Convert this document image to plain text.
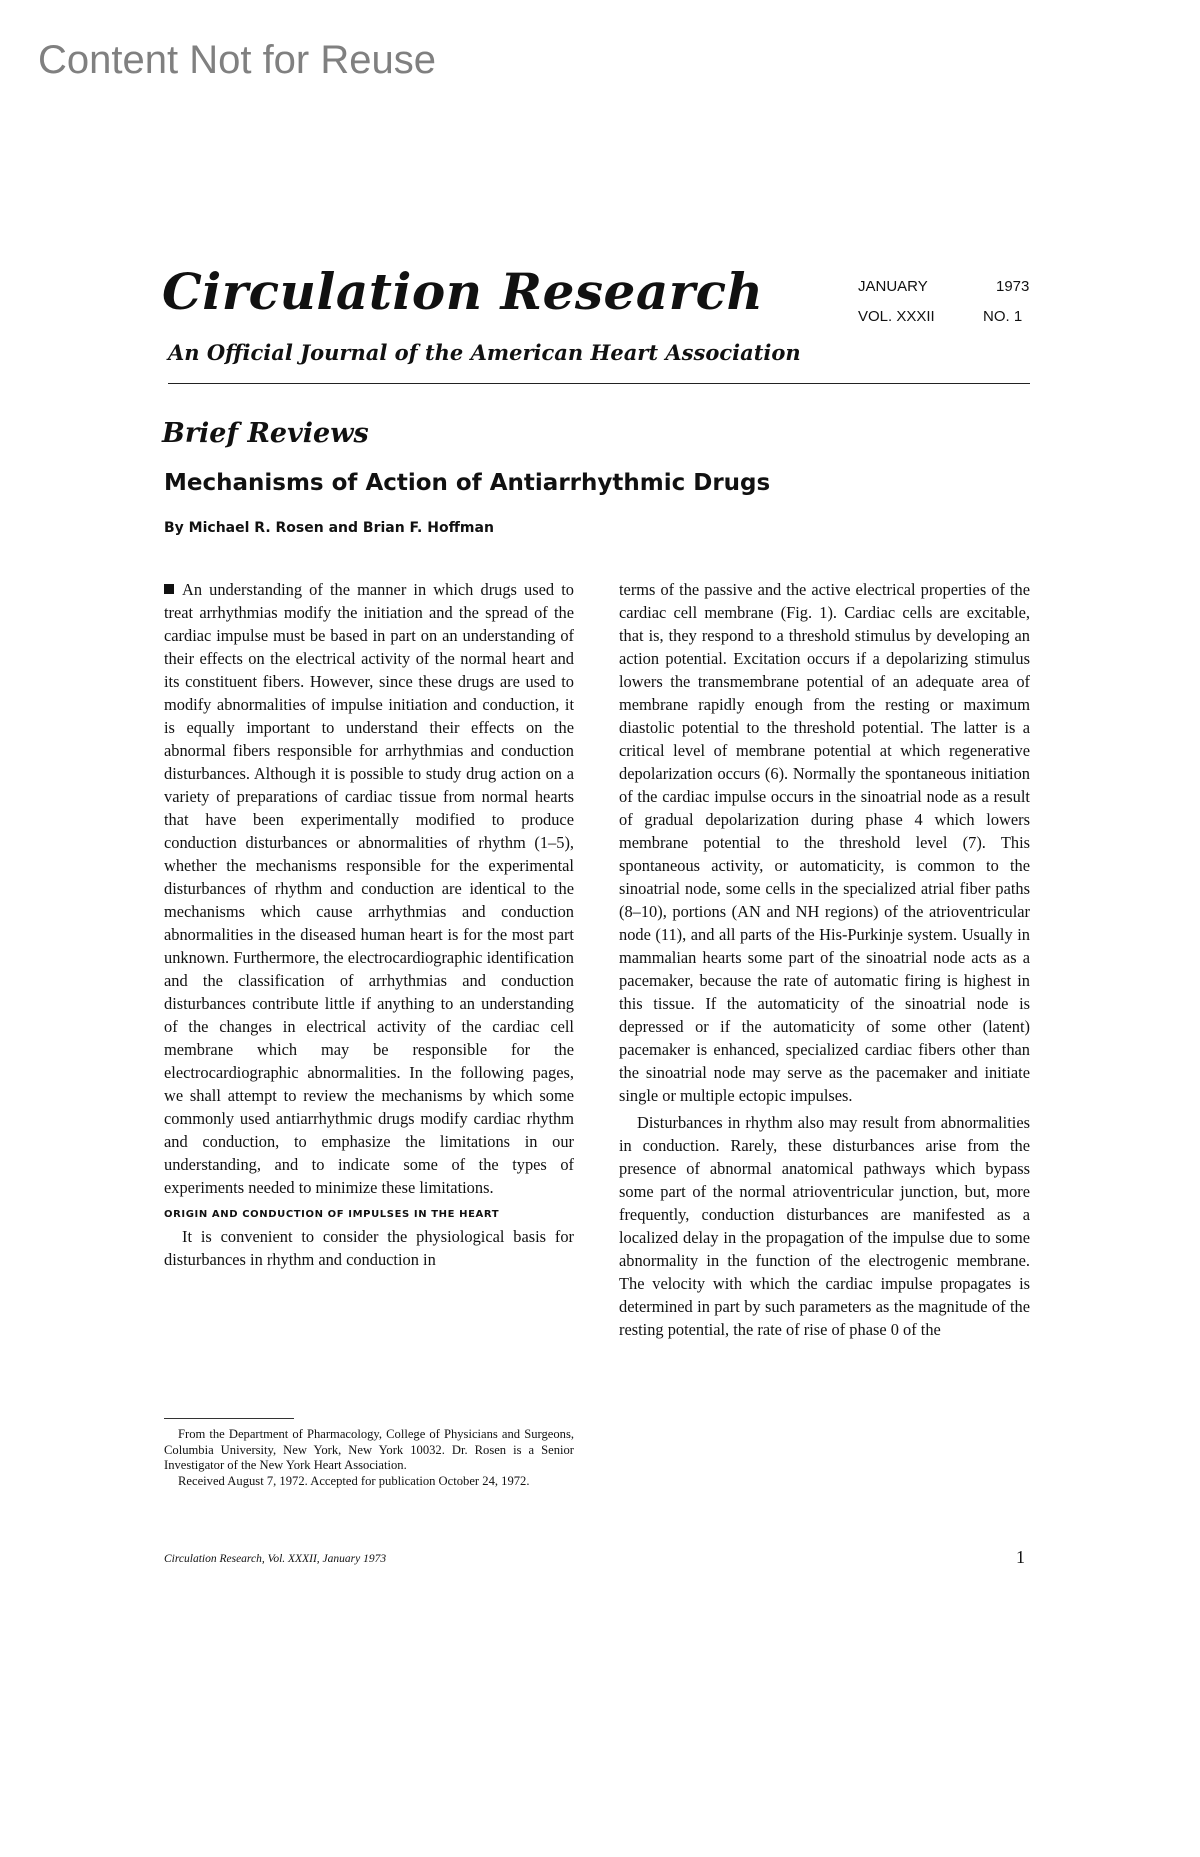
Content Not for Reuse
Circulation Research	JANUARY	1973
VOL. XXXII	NO. 1
An Official Journal of the American Heart Association
Brief Reviews
Mechanisms of Action of Antiarrhythmic Drugs
By Michael R. Rosen and Brian F. Hoffman

An understanding of the manner in which drugs used to treat arrhythmias modify the initiation and the spread of the cardiac impulse must be based in part on an understanding of their effects on the electrical activity of the normal heart and its constituent fibers. However, since these drugs are used to modify abnormalities of impulse initiation and conduction, it is equally important to understand their effects on the abnormal fibers responsible for arrhythmias and conduction disturbances. Although it is possible to study drug action on a variety of preparations of cardiac tissue from normal hearts that have been experimentally modified to produce conduction disturbances or abnormalities of rhythm (1–5), whether the mechanisms responsible for the experimental disturbances of rhythm and conduction are identical to the mechanisms which cause arrhythmias and conduction abnormalities in the diseased human heart is for the most part unknown. Furthermore, the electrocardiographic identification and the classification of arrhythmias and conduction disturbances contribute little if anything to an understanding of the changes in electrical activity of the cardiac cell membrane which may be responsible for the electrocardiographic abnormalities. In the following pages, we shall attempt to review the mechanisms by which some commonly used antiarrhythmic drugs modify cardiac rhythm and conduction, to emphasize the limitations in our understanding, and to indicate some of the types of experiments needed to minimize these limitations.

ORIGIN AND CONDUCTION OF IMPULSES IN THE HEART

It is convenient to consider the physiological basis for disturbances in rhythm and conduction in

terms of the passive and the active electrical properties of the cardiac cell membrane (Fig. 1). Cardiac cells are excitable, that is, they respond to a threshold stimulus by developing an action potential. Excitation occurs if a depolarizing stimulus lowers the transmembrane potential of an adequate area of membrane rapidly enough from the resting or maximum diastolic potential to the threshold potential. The latter is a critical level of membrane potential at which regenerative depolarization occurs (6). Normally the spontaneous initiation of the cardiac impulse occurs in the sinoatrial node as a result of gradual depolarization during phase 4 which lowers membrane potential to the threshold level (7). This spontaneous activity, or automaticity, is common to the sinoatrial node, some cells in the specialized atrial fiber paths (8–10), portions (AN and NH regions) of the atrioventricular node (11), and all parts of the His-Purkinje system. Usually in mammalian hearts some part of the sinoatrial node acts as a pacemaker, because the rate of automatic firing is highest in this tissue. If the automaticity of the sinoatrial node is depressed or if the automaticity of some other (latent) pacemaker is enhanced, specialized cardiac fibers other than the sinoatrial node may serve as the pacemaker and initiate single or multiple ectopic impulses.

Disturbances in rhythm also may result from abnormalities in conduction. Rarely, these disturbances arise from the presence of abnormal anatomical pathways which bypass some part of the normal atrioventricular junction, but, more frequently, conduction disturbances are manifested as a localized delay in the propagation of the impulse due to some abnormality in the function of the electrogenic membrane. The velocity with which the cardiac impulse propagates is determined in part by such parameters as the magnitude of the resting potential, the rate of rise of phase 0 of the

From the Department of Pharmacology, College of Physicians and Surgeons, Columbia University, New York, New York 10032. Dr. Rosen is a Senior Investigator of the New York Heart Association.

Received August 7, 1972. Accepted for publication October 24, 1972.

Circulation Research, Vol. XXXII, January 1973	1
